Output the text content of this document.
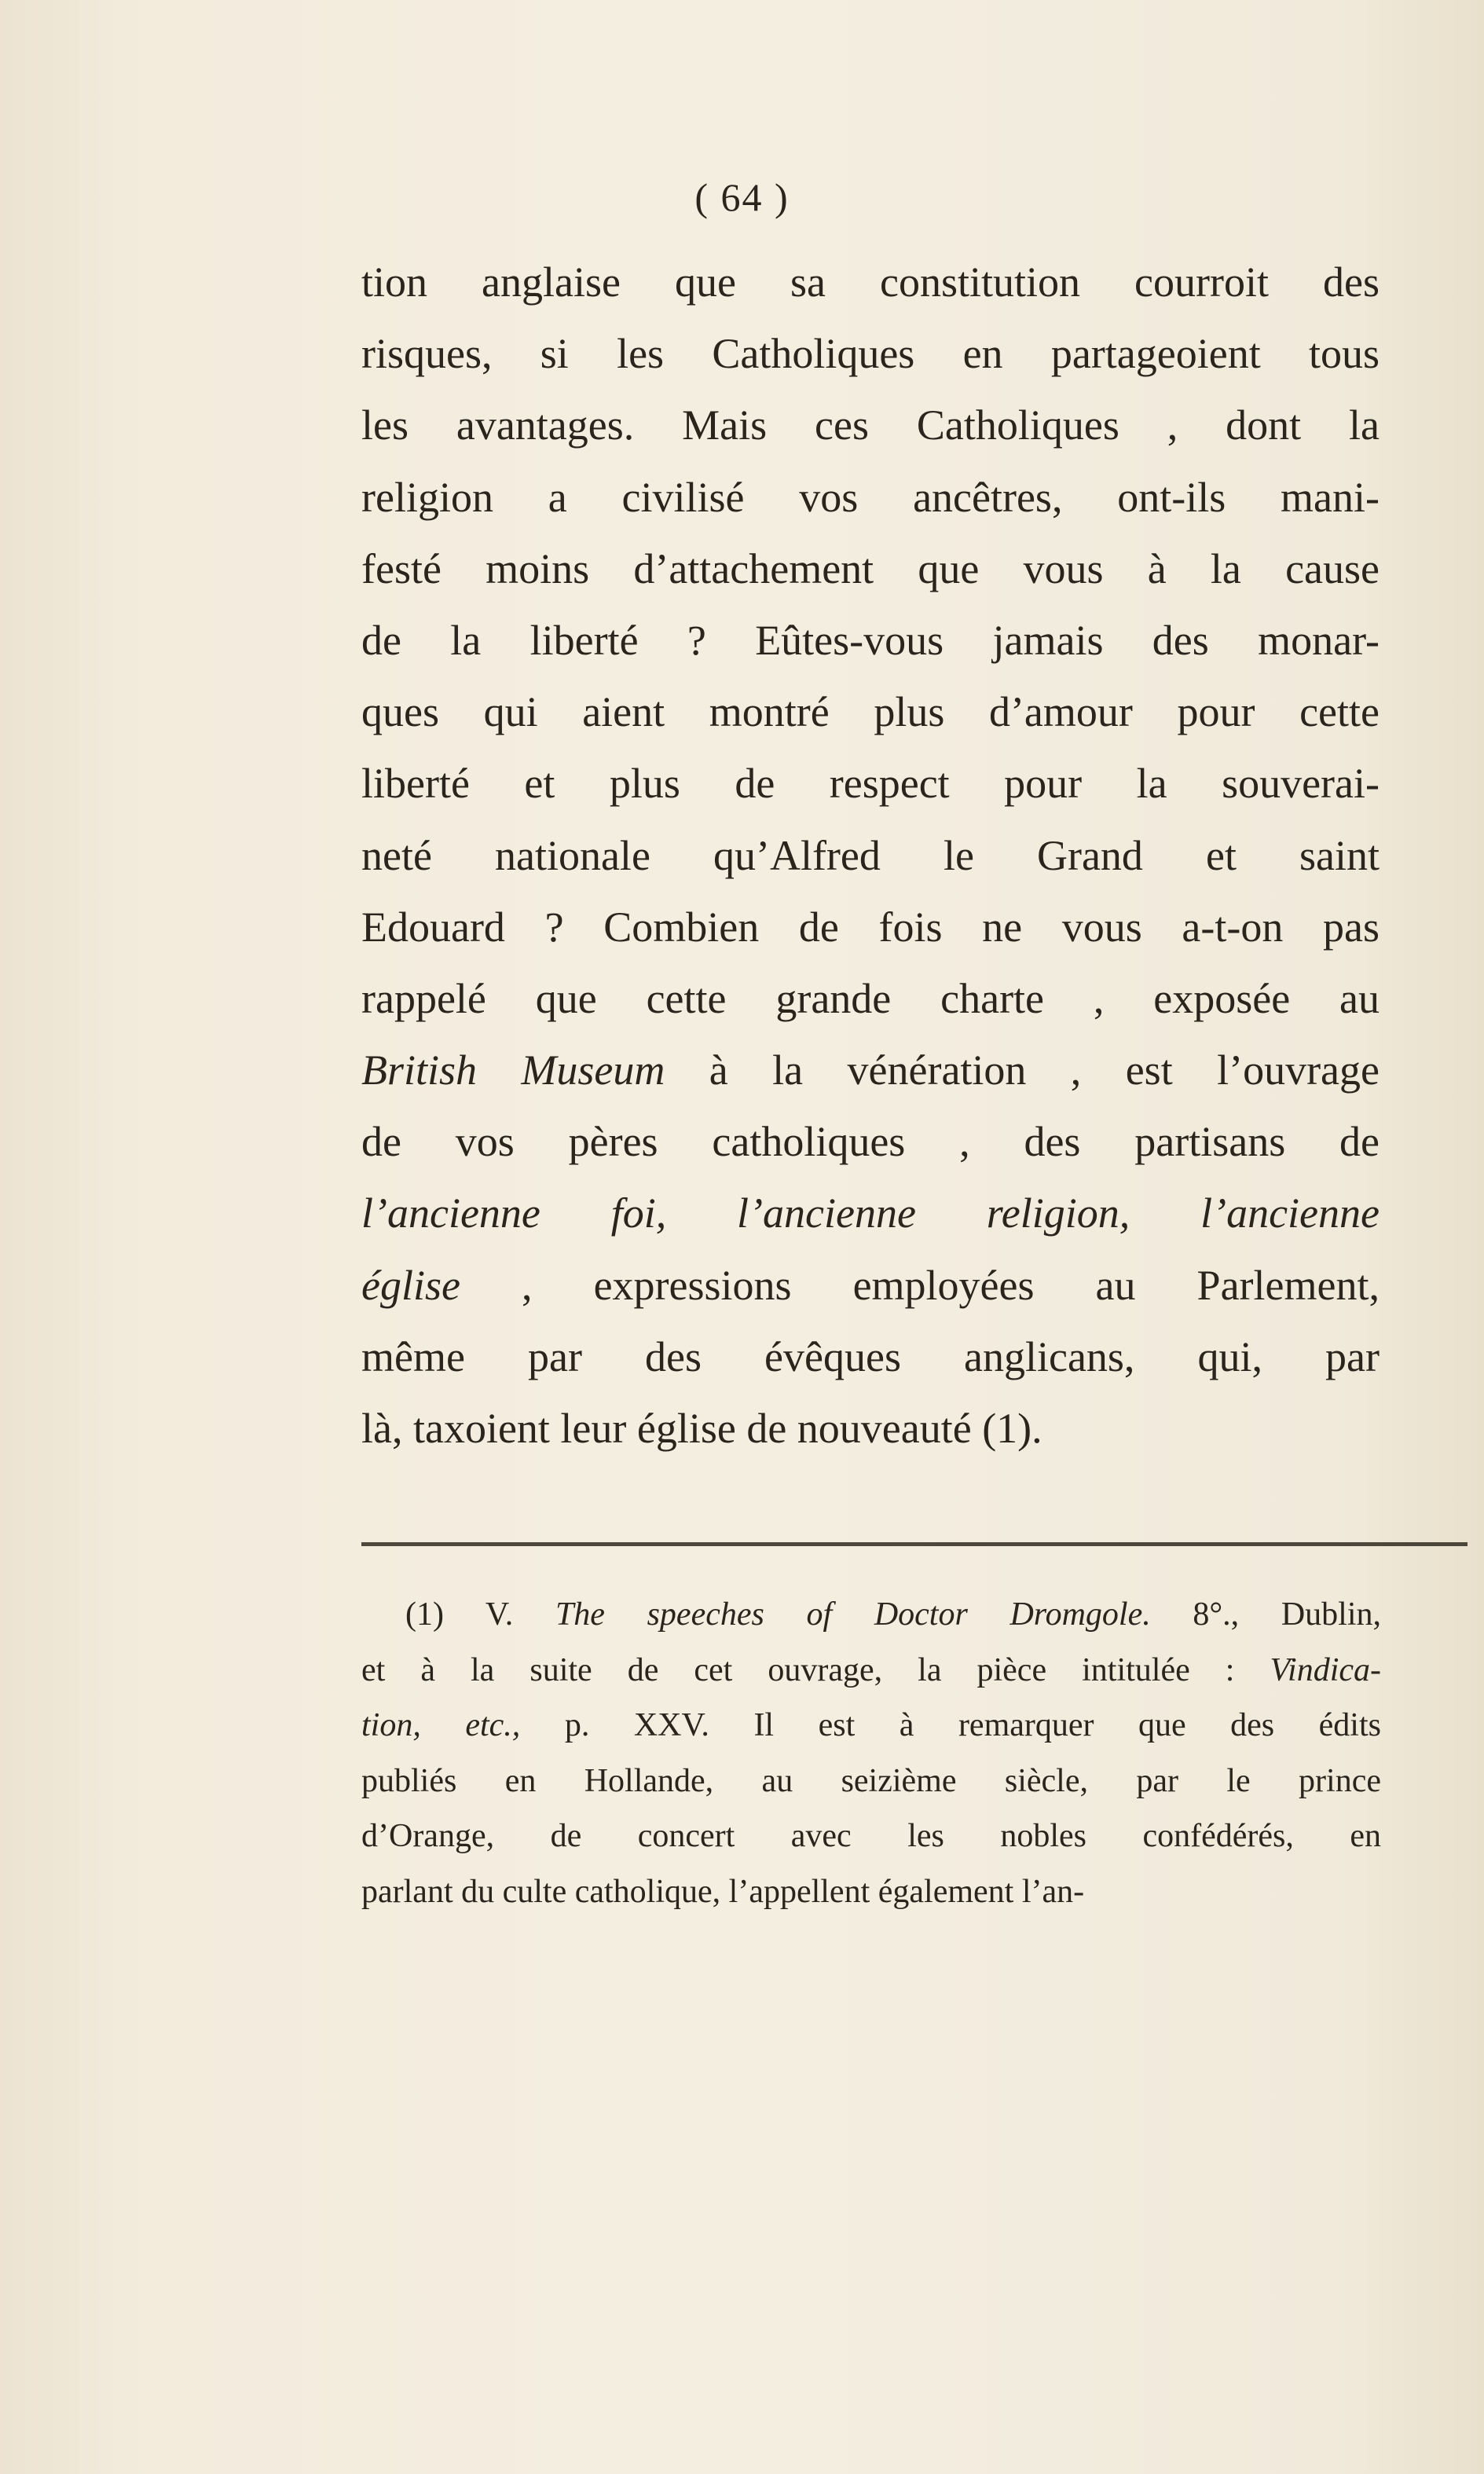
( 64 )
tion anglaise que sa constitution courroit des
risques, si les Catholiques en partageoient tous
les avantages. Mais ces Catholiques , dont la
religion a civilisé vos ancêtres, ont-ils mani-
festé moins d’attachement que vous à la cause
de la liberté ? Eûtes-vous jamais des monar-
ques qui aient montré plus d’amour pour cette
liberté et plus de respect pour la souverai-
neté nationale qu’Alfred le Grand et saint
Edouard ? Combien de fois ne vous a-t-on pas
rappelé que cette grande charte , exposée au
British Museum à la vénération , est l’ouvrage
de vos pères catholiques , des partisans de
l’ancienne foi, l’ancienne religion, l’ancienne
église , expressions employées au Parlement,
même par des évêques anglicans, qui, par
là, taxoient leur église de nouveauté (1).
(1) V. The speeches of Doctor Dromgole. 8°., Dublin,
et à la suite de cet ouvrage, la pièce intitulée : Vindica-
tion, etc., p. XXV. Il est à remarquer que des édits
publiés en Hollande, au seizième siècle, par le prince
d’Orange, de concert avec les nobles confédérés, en
parlant du culte catholique, l’appellent également l’an-
